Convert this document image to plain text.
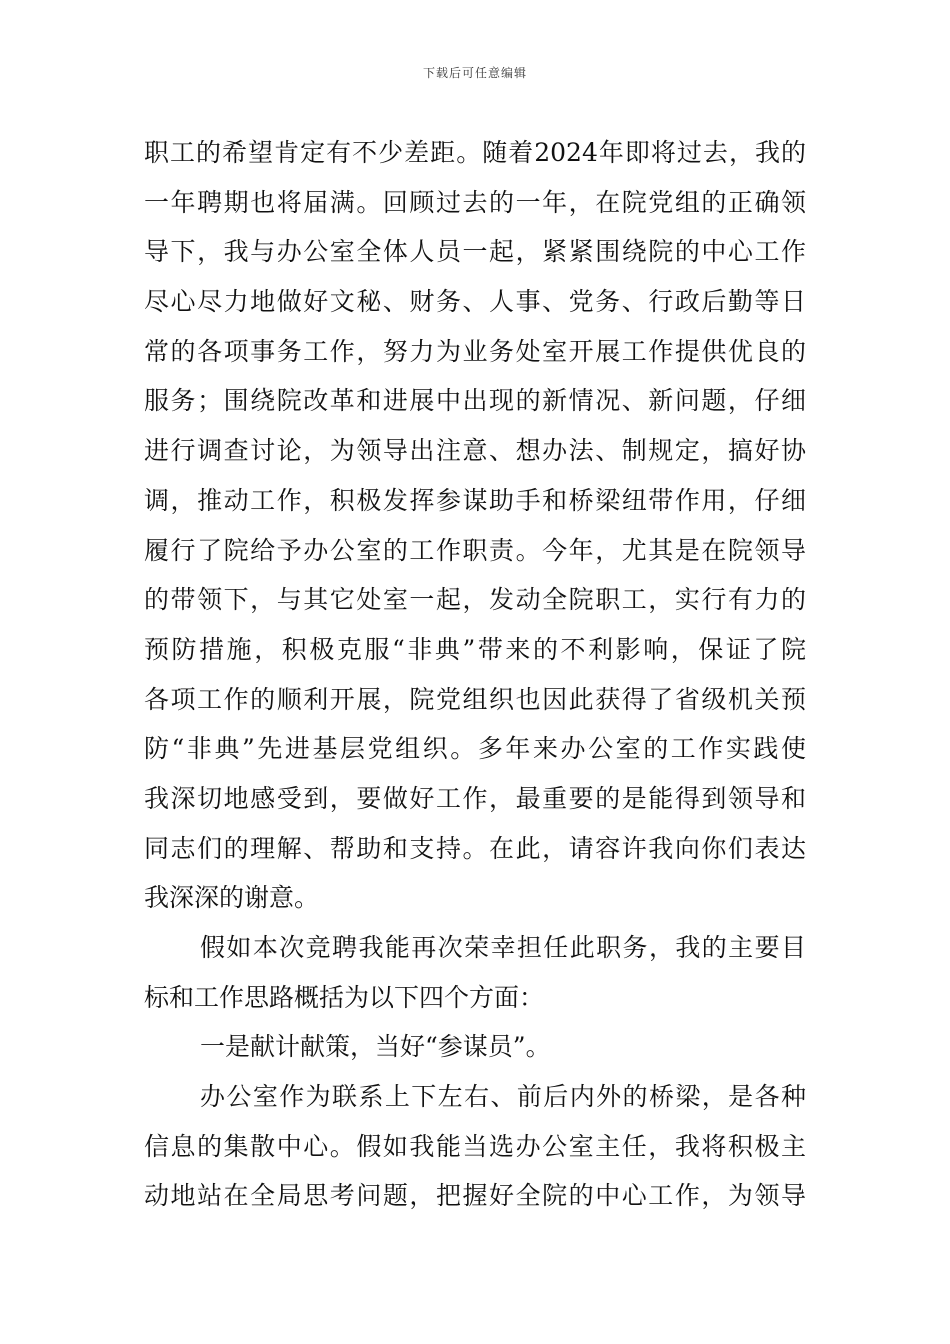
下载后可任意编辑
职工的希望肯定有不少差距。随着2024年即将过去，我的
一年聘期也将届满。回顾过去的一年，在院党组的正确领
导下，我与办公室全体人员一起，紧紧围绕院的中心工作
尽心尽力地做好文秘、财务、人事、党务、行政后勤等日
常的各项事务工作，努力为业务处室开展工作提供优良的
服务；围绕院改革和进展中出现的新情况、新问题，仔细
进行调查讨论，为领导出注意、想办法、制规定，搞好协
调，推动工作，积极发挥参谋助手和桥梁纽带作用，仔细
履行了院给予办公室的工作职责。今年，尤其是在院领导
的带领下，与其它处室一起，发动全院职工，实行有力的
预防措施，积极克服“非典”带来的不利影响，保证了院
各项工作的顺利开展，院党组织也因此获得了省级机关预
防“非典”先进基层党组织。多年来办公室的工作实践使
我深切地感受到，要做好工作，最重要的是能得到领导和
同志们的理解、帮助和支持。在此，请容许我向你们表达
我深深的谢意。
假如本次竞聘我能再次荣幸担任此职务，我的主要目
标和工作思路概括为以下四个方面：
一是献计献策，当好“参谋员”。
办公室作为联系上下左右、前后内外的桥梁，是各种
信息的集散中心。假如我能当选办公室主任，我将积极主
动地站在全局思考问题，把握好全院的中心工作，为领导
